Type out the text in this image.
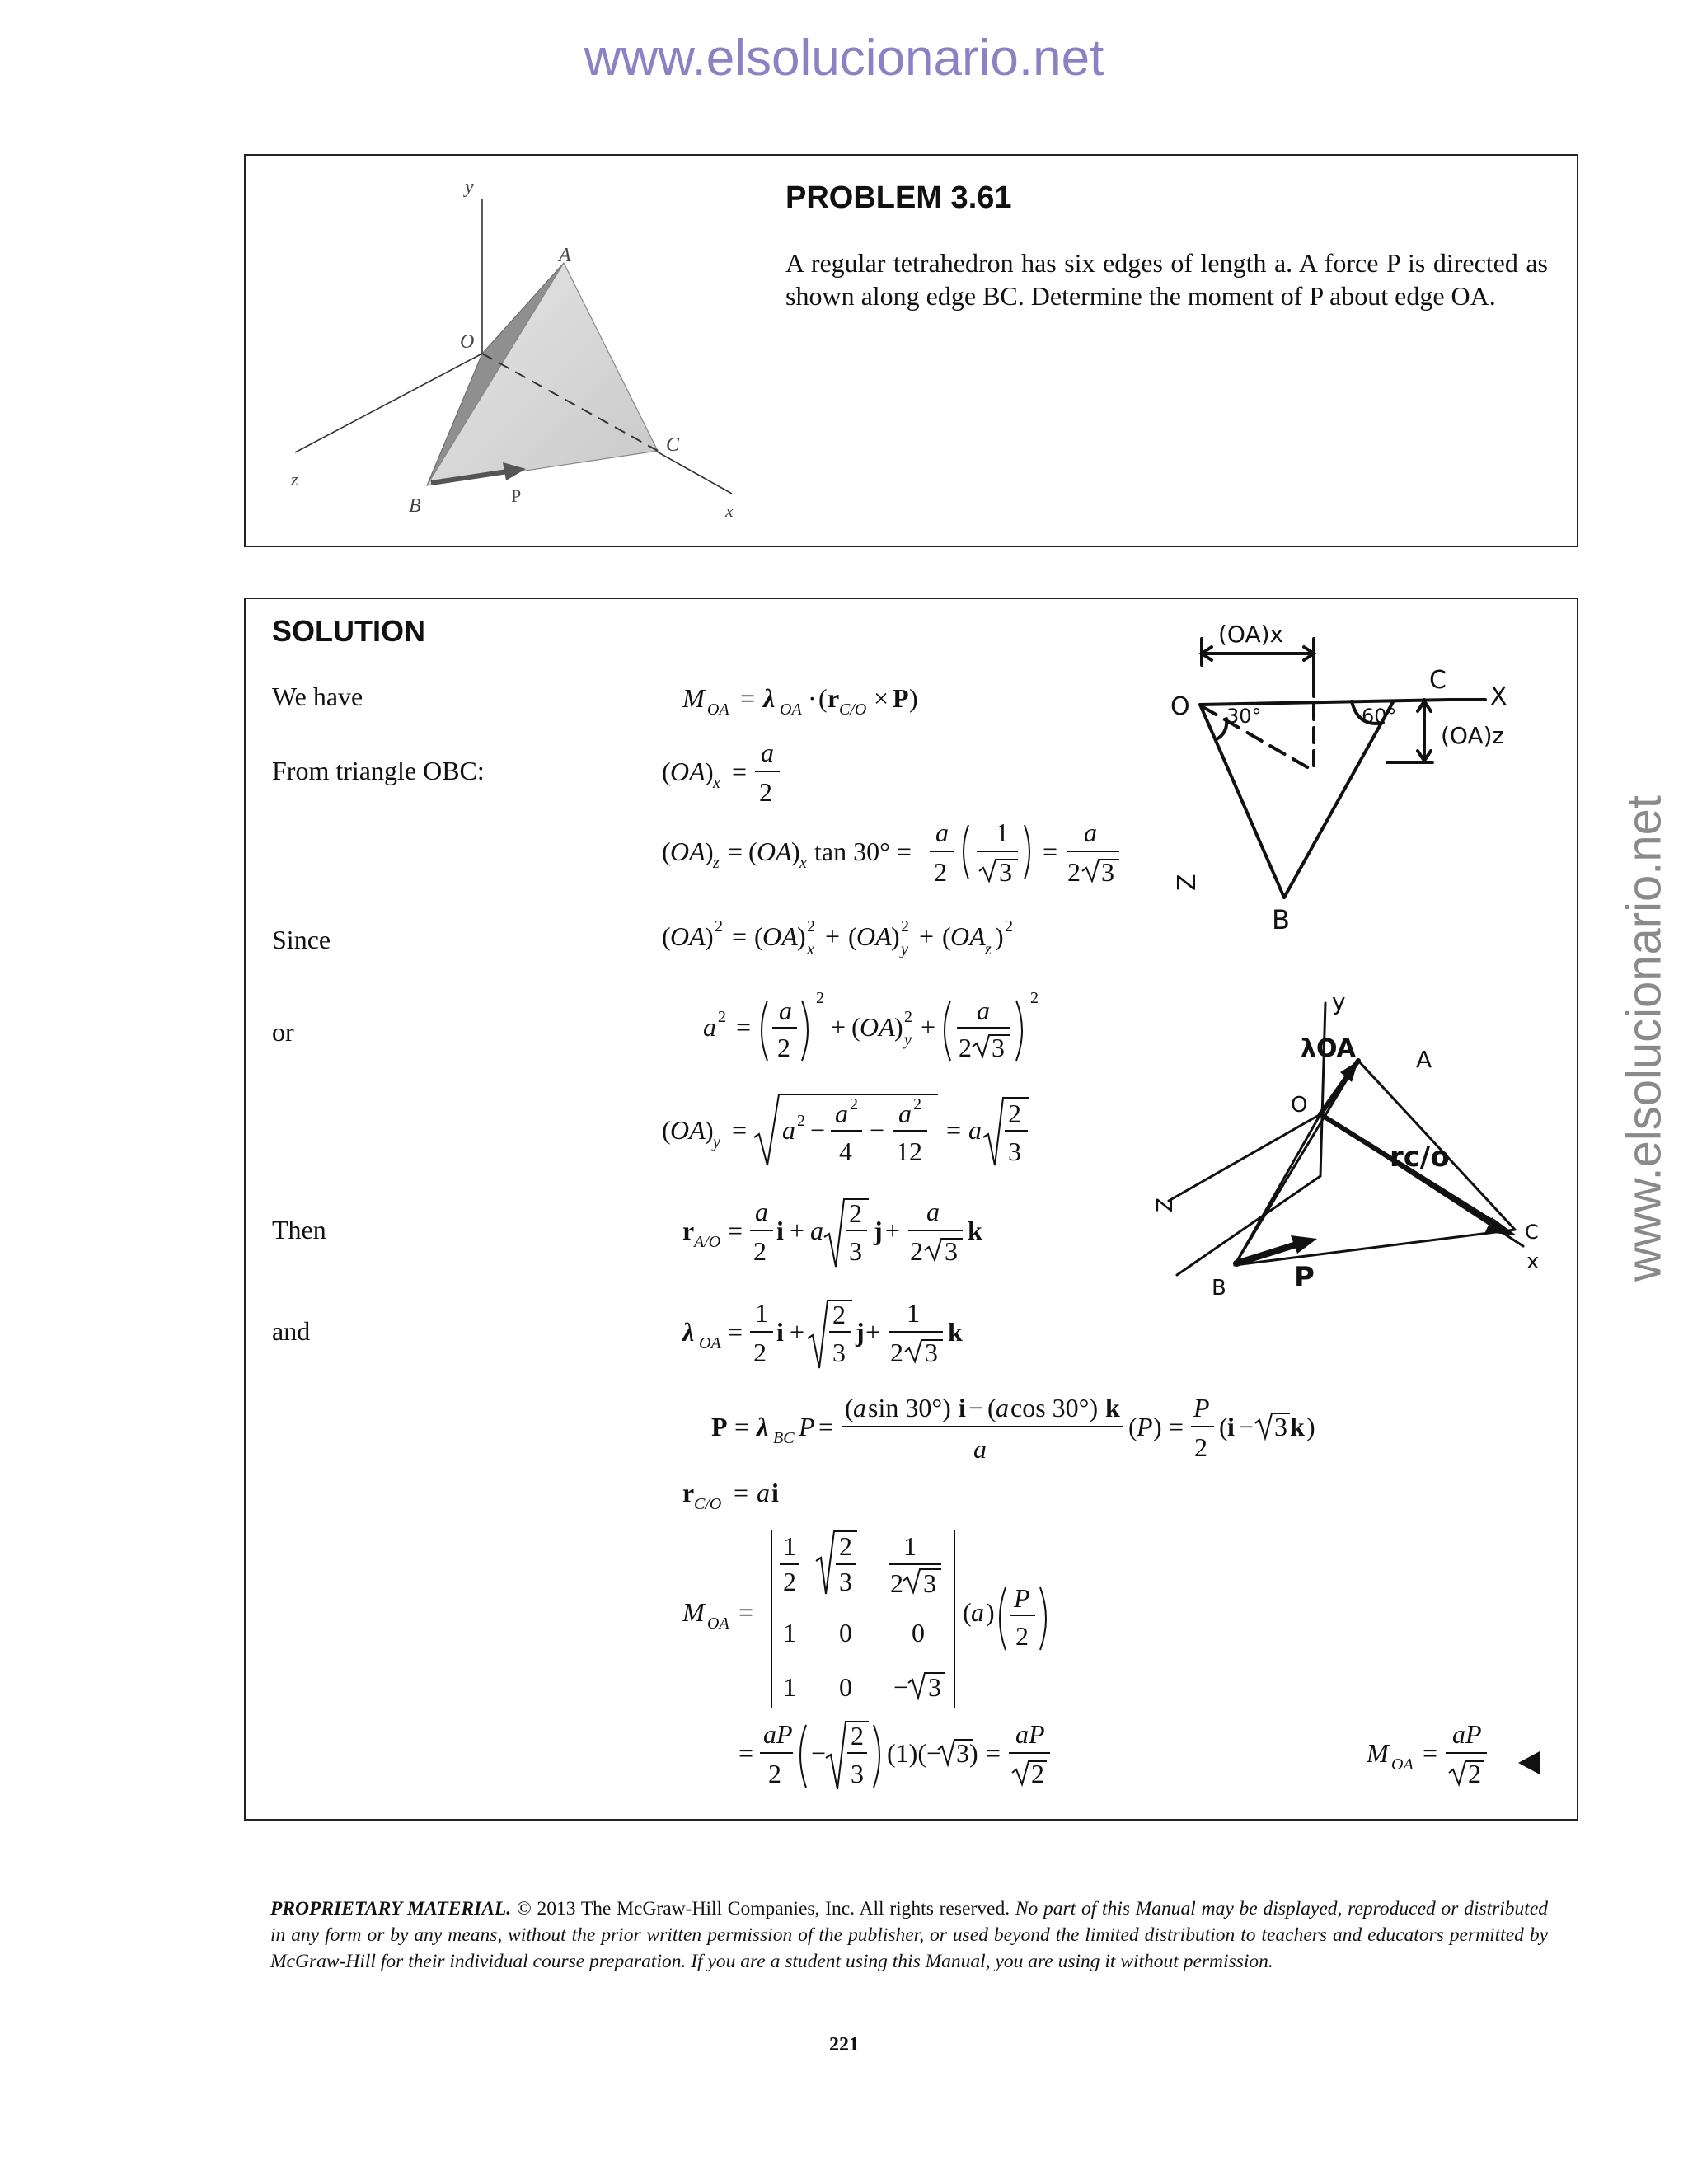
www.elsolucionario.net
www.elsolucionario.net
y
A
O
C
z
B	P
x
PROBLEM 3.61
A regular tetrahedron has six edges of length a. A force P is directed as shown along edge BC. Determine the moment of P about edge OA.
SOLUTION
We have
From triangle OBC:
Since
or
Then
and
M OA = λ OA · ( r C/O × P )
( OA ) x =
a
2
( OA ) z = ( OA ) x tan 30° =
a
2
1
3
=
a
2 3
( OA ) 2 = ( OA ) 2
x + ( OA ) 2
y + ( OA z ) 2
a 2 =
a
2
2
+ ( OA ) 2
y +
a
2 3
2
( OA ) y = a 2 −
a 2
4
−
a 2
12
= a
2
3
r A/O =
a
2
i + a
2
3
j +
a
2 3
k
λ OA =
1
2
i +
2
3
j +
1
2 3
k
P = λ BC P =
( a sin 30°) i − ( a cos 30°) k
a
( P ) =
P
2
( i − 3 k )
r C/O = a i
M OA =
1
2
2
3
1
2 3
1 0 0
1 0 − 3
( a ) P
2
=
aP
2
−
2
3
(1)(− 3) =
aP
2
M OA =
aP
2
(OA)x
O
C
X
30°	60°
(OA)z
Z
B
y
A
λOA
O
Z
rc/o
C
x
B P
PROPRIETARY MATERIAL. © 2013 The McGraw-Hill Companies, Inc. All rights reserved. No part of this Manual may be displayed, reproduced or distributed in any form or by any means, without the prior written permission of the publisher, or used beyond the limited distribution to teachers and educators permitted by McGraw-Hill for their individual course preparation. If you are a student using this Manual, you are using it without permission.
221
